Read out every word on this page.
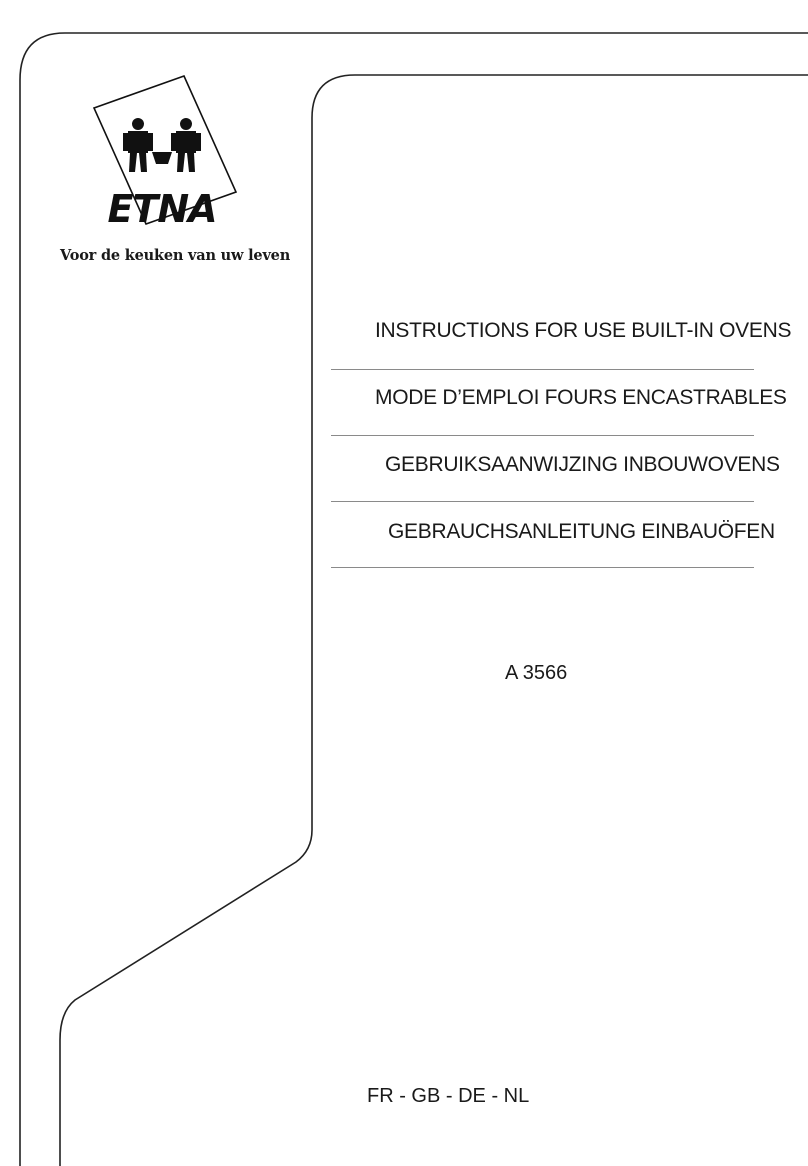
ETNA
Voor de keuken van uw leven
INSTRUCTIONS FOR USE BUILT-IN OVENS
MODE D’EMPLOI FOURS ENCASTRABLES
GEBRUIKSAANWIJZING INBOUWOVENS
GEBRAUCHSANLEITUNG EINBAUÖFEN
A 3566
FR - GB - DE - NL
